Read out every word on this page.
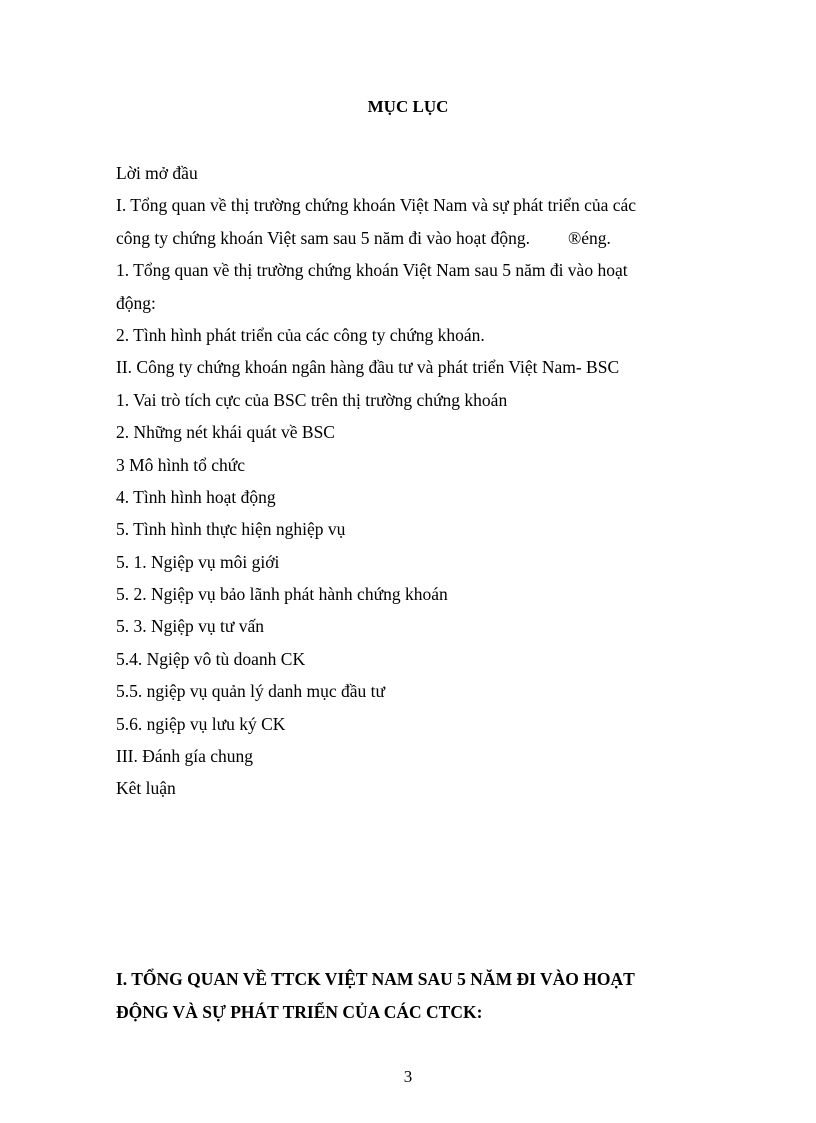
MỤC LỤC
Lời mở đầu
I. Tổng quan về thị trường chứng khoán Việt Nam và sự phát triển của các
công ty chứng khoán Việt sam sau 5 năm đi vào hoạt động. ®éng.
1. Tổng quan về thị trường chứng khoán Việt Nam sau 5 năm đi vào hoạt
động:
2. Tình hình phát triển của các công ty chứng khoán.
II. Công ty chứng khoán ngân hàng đầu tư và phát triển Việt Nam- BSC
1. Vai trò tích cực của BSC trên thị trường chứng khoán
2. Những nét khái quát về BSC
3 Mô hình tổ chức
4. Tình hình hoạt động
5. Tình hình thực hiện nghiệp vụ
5. 1. Ngiệp vụ môi giới
5. 2. Ngiệp vụ bảo lãnh phát hành chứng khoán
5. 3. Ngiệp vụ tư vấn
5.4. Ngiệp vô tù doanh CK
5.5. ngiệp vụ quản lý danh mục đầu tư
5.6. ngiệp vụ lưu ký CK
III. Đánh gía chung
Kêt luận
I. TỔNG QUAN VỀ TTCK VIỆT NAM SAU 5 NĂM ĐI VÀO HOẠT
ĐỘNG VÀ SỰ PHÁT TRIỂN CỦA CÁC CTCK:
3
